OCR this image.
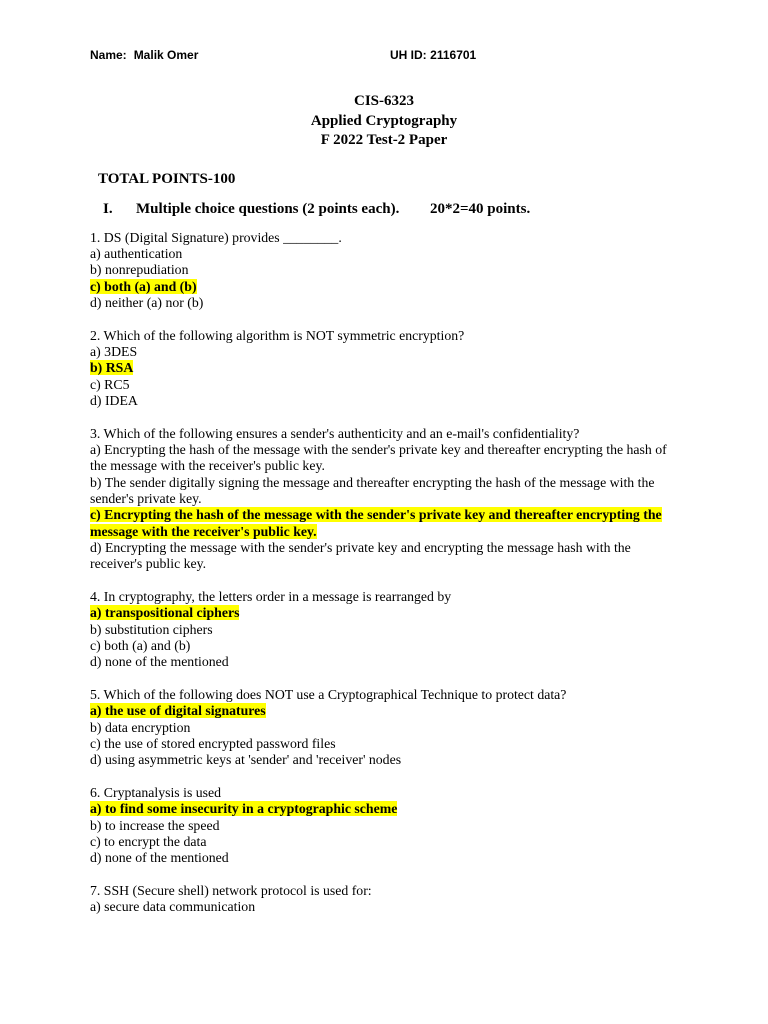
Name: Malik Omer	UH ID: 2116701
CIS-6323
Applied Cryptography
F 2022 Test-2 Paper
TOTAL POINTS-100
I. Multiple choice questions (2 points each). 20*2=40 points.
1. DS (Digital Signature) provides ________.
a) authentication
b) nonrepudiation
c) both (a) and (b)
d) neither (a) nor (b)
2. Which of the following algorithm is NOT symmetric encryption?
a) 3DES
b) RSA
c) RC5
d) IDEA
3. Which of the following ensures a sender's authenticity and an e-mail's confidentiality?
a) Encrypting the hash of the message with the sender's private key and thereafter encrypting the hash of
the message with the receiver's public key.
b) The sender digitally signing the message and thereafter encrypting the hash of the message with the
sender's private key.
c) Encrypting the hash of the message with the sender's private key and thereafter encrypting the
message with the receiver's public key.
d) Encrypting the message with the sender's private key and encrypting the message hash with the
receiver's public key.
4. In cryptography, the letters order in a message is rearranged by
a) transpositional ciphers
b) substitution ciphers
c) both (a) and (b)
d) none of the mentioned
5. Which of the following does NOT use a Cryptographical Technique to protect data?
a) the use of digital signatures
b) data encryption
c) the use of stored encrypted password files
d) using asymmetric keys at 'sender' and 'receiver' nodes
6. Cryptanalysis is used
a) to find some insecurity in a cryptographic scheme
b) to increase the speed
c) to encrypt the data
d) none of the mentioned
7. SSH (Secure shell) network protocol is used for:
a) secure data communication
